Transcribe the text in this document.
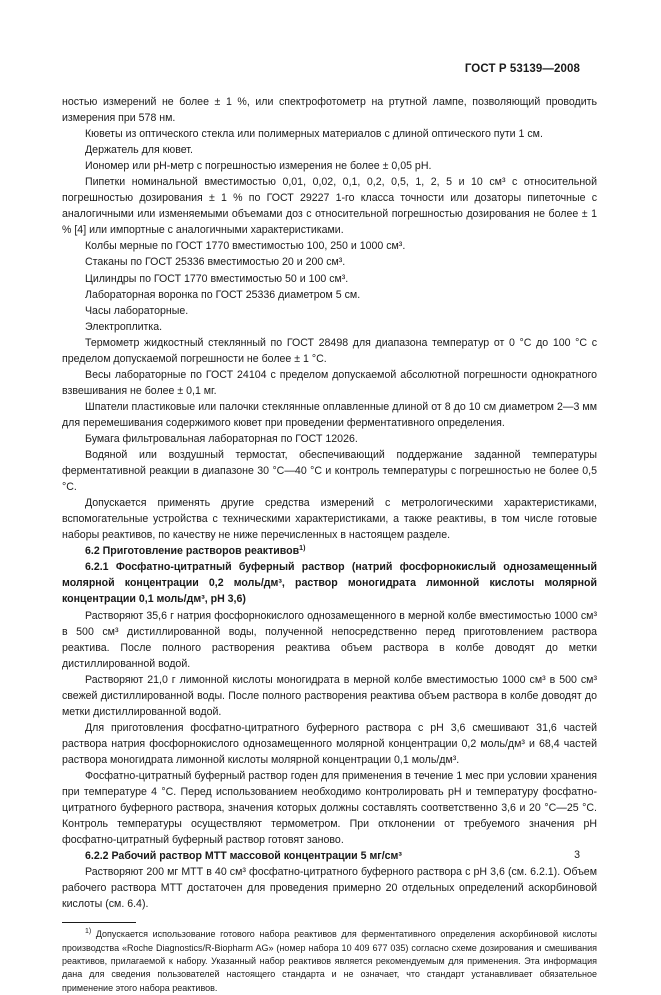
ГОСТ Р 53139—2008

ностью измерений не более ± 1 %, или спектрофотометр на ртутной лампе, позволяющий проводить измерения при 578 нм.

Кюветы из оптического стекла или полимерных материалов с длиной оптического пути 1 см.

Держатель для кювет.

Иономер или рН-метр с погрешностью измерения не более ± 0,05 рН.

Пипетки номинальной вместимостью 0,01, 0,02, 0,1, 0,2, 0,5, 1, 2, 5 и 10 см³ с относительной погрешностью дозирования ± 1 % по ГОСТ 29227 1-го класса точности или дозаторы пипеточные с аналогичными или изменяемыми объемами доз с относительной погрешностью дозирования не более ± 1 % [4] или импортные с аналогичными характеристиками.

Колбы мерные по ГОСТ 1770 вместимостью 100, 250 и 1000 см³.

Стаканы по ГОСТ 25336 вместимостью 20 и 200 см³.

Цилиндры по ГОСТ 1770 вместимостью 50 и 100 см³.

Лабораторная воронка по ГОСТ 25336 диаметром 5 см.

Часы лабораторные.

Электроплитка.

Термометр жидкостный стеклянный по ГОСТ 28498 для диапазона температур от 0 °С до 100 °С с пределом допускаемой погрешности не более ± 1 °С.

Весы лабораторные по ГОСТ 24104 с пределом допускаемой абсолютной погрешности однократного взвешивания не более ± 0,1 мг.

Шпатели пластиковые или палочки стеклянные оплавленные длиной от 8 до 10 см диаметром 2—3 мм для перемешивания содержимого кювет при проведении ферментативного определения.

Бумага фильтровальная лабораторная по ГОСТ 12026.

Водяной или воздушный термостат, обеспечивающий поддержание заданной температуры ферментативной реакции в диапазоне 30 °С—40 °С и контроль температуры с погрешностью не более 0,5 °С.

Допускается применять другие средства измерений с метрологическими характеристиками, вспомогательные устройства с техническими характеристиками, а также реактивы, в том числе готовые наборы реактивов, по качеству не ниже перечисленных в настоящем разделе.

6.2 Приготовление растворов реактивов$^{1)}$

6.2.1 Фосфатно-цитратный буферный раствор (натрий фосфорнокислый однозамещенный молярной концентрации 0,2 моль/дм³, раствор моногидрата лимонной кислоты молярной концентрации 0,1 моль/дм³, рН 3,6)

Растворяют 35,6 г натрия фосфорнокислого однозамещенного в мерной колбе вместимостью 1000 см³ в 500 см³ дистиллированной воды, полученной непосредственно перед приготовлением раствора реактива. После полного растворения реактива объем раствора в колбе доводят до метки дистиллированной водой.

Растворяют 21,0 г лимонной кислоты моногидрата в мерной колбе вместимостью 1000 см³ в 500 см³ свежей дистиллированной воды. После полного растворения реактива объем раствора в колбе доводят до метки дистиллированной водой.

Для приготовления фосфатно-цитратного буферного раствора с рН 3,6 смешивают 31,6 частей раствора натрия фосфорнокислого однозамещенного молярной концентрации 0,2 моль/дм³ и 68,4 частей раствора моногидрата лимонной кислоты молярной концентрации 0,1 моль/дм³.

Фосфатно-цитратный буферный раствор годен для применения в течение 1 мес при условии хранения при температуре 4 °С. Перед использованием необходимо контролировать рН и температуру фосфатно-цитратного буферного раствора, значения которых должны составлять соответственно 3,6 и 20 °С—25 °С. Контроль температуры осуществляют термометром. При отклонении от требуемого значения рН фосфатно-цитратный буферный раствор готовят заново.

6.2.2 Рабочий раствор МТТ массовой концентрации 5 мг/см³

Растворяют 200 мг МТТ в 40 см³ фосфатно-цитратного буферного раствора с рН 3,6 (см. 6.2.1). Объем рабочего раствора МТТ достаточен для проведения примерно 20 отдельных определений аскорбиновой кислоты (см. 6.4).

$^{1)}$ Допускается использование готового набора реактивов для ферментативного определения аскорбиновой кислоты производства «Roche Diagnostics/R-Biopharm AG» (номер набора 10 409 677 035) согласно схеме дозирования и смешивания реактивов, прилагаемой к набору. Указанный набор реактивов является рекомендуемым для применения. Эта информация дана для сведения пользователей настоящего стандарта и не означает, что стандарт устанавливает обязательное применение этого набора реактивов.

3
